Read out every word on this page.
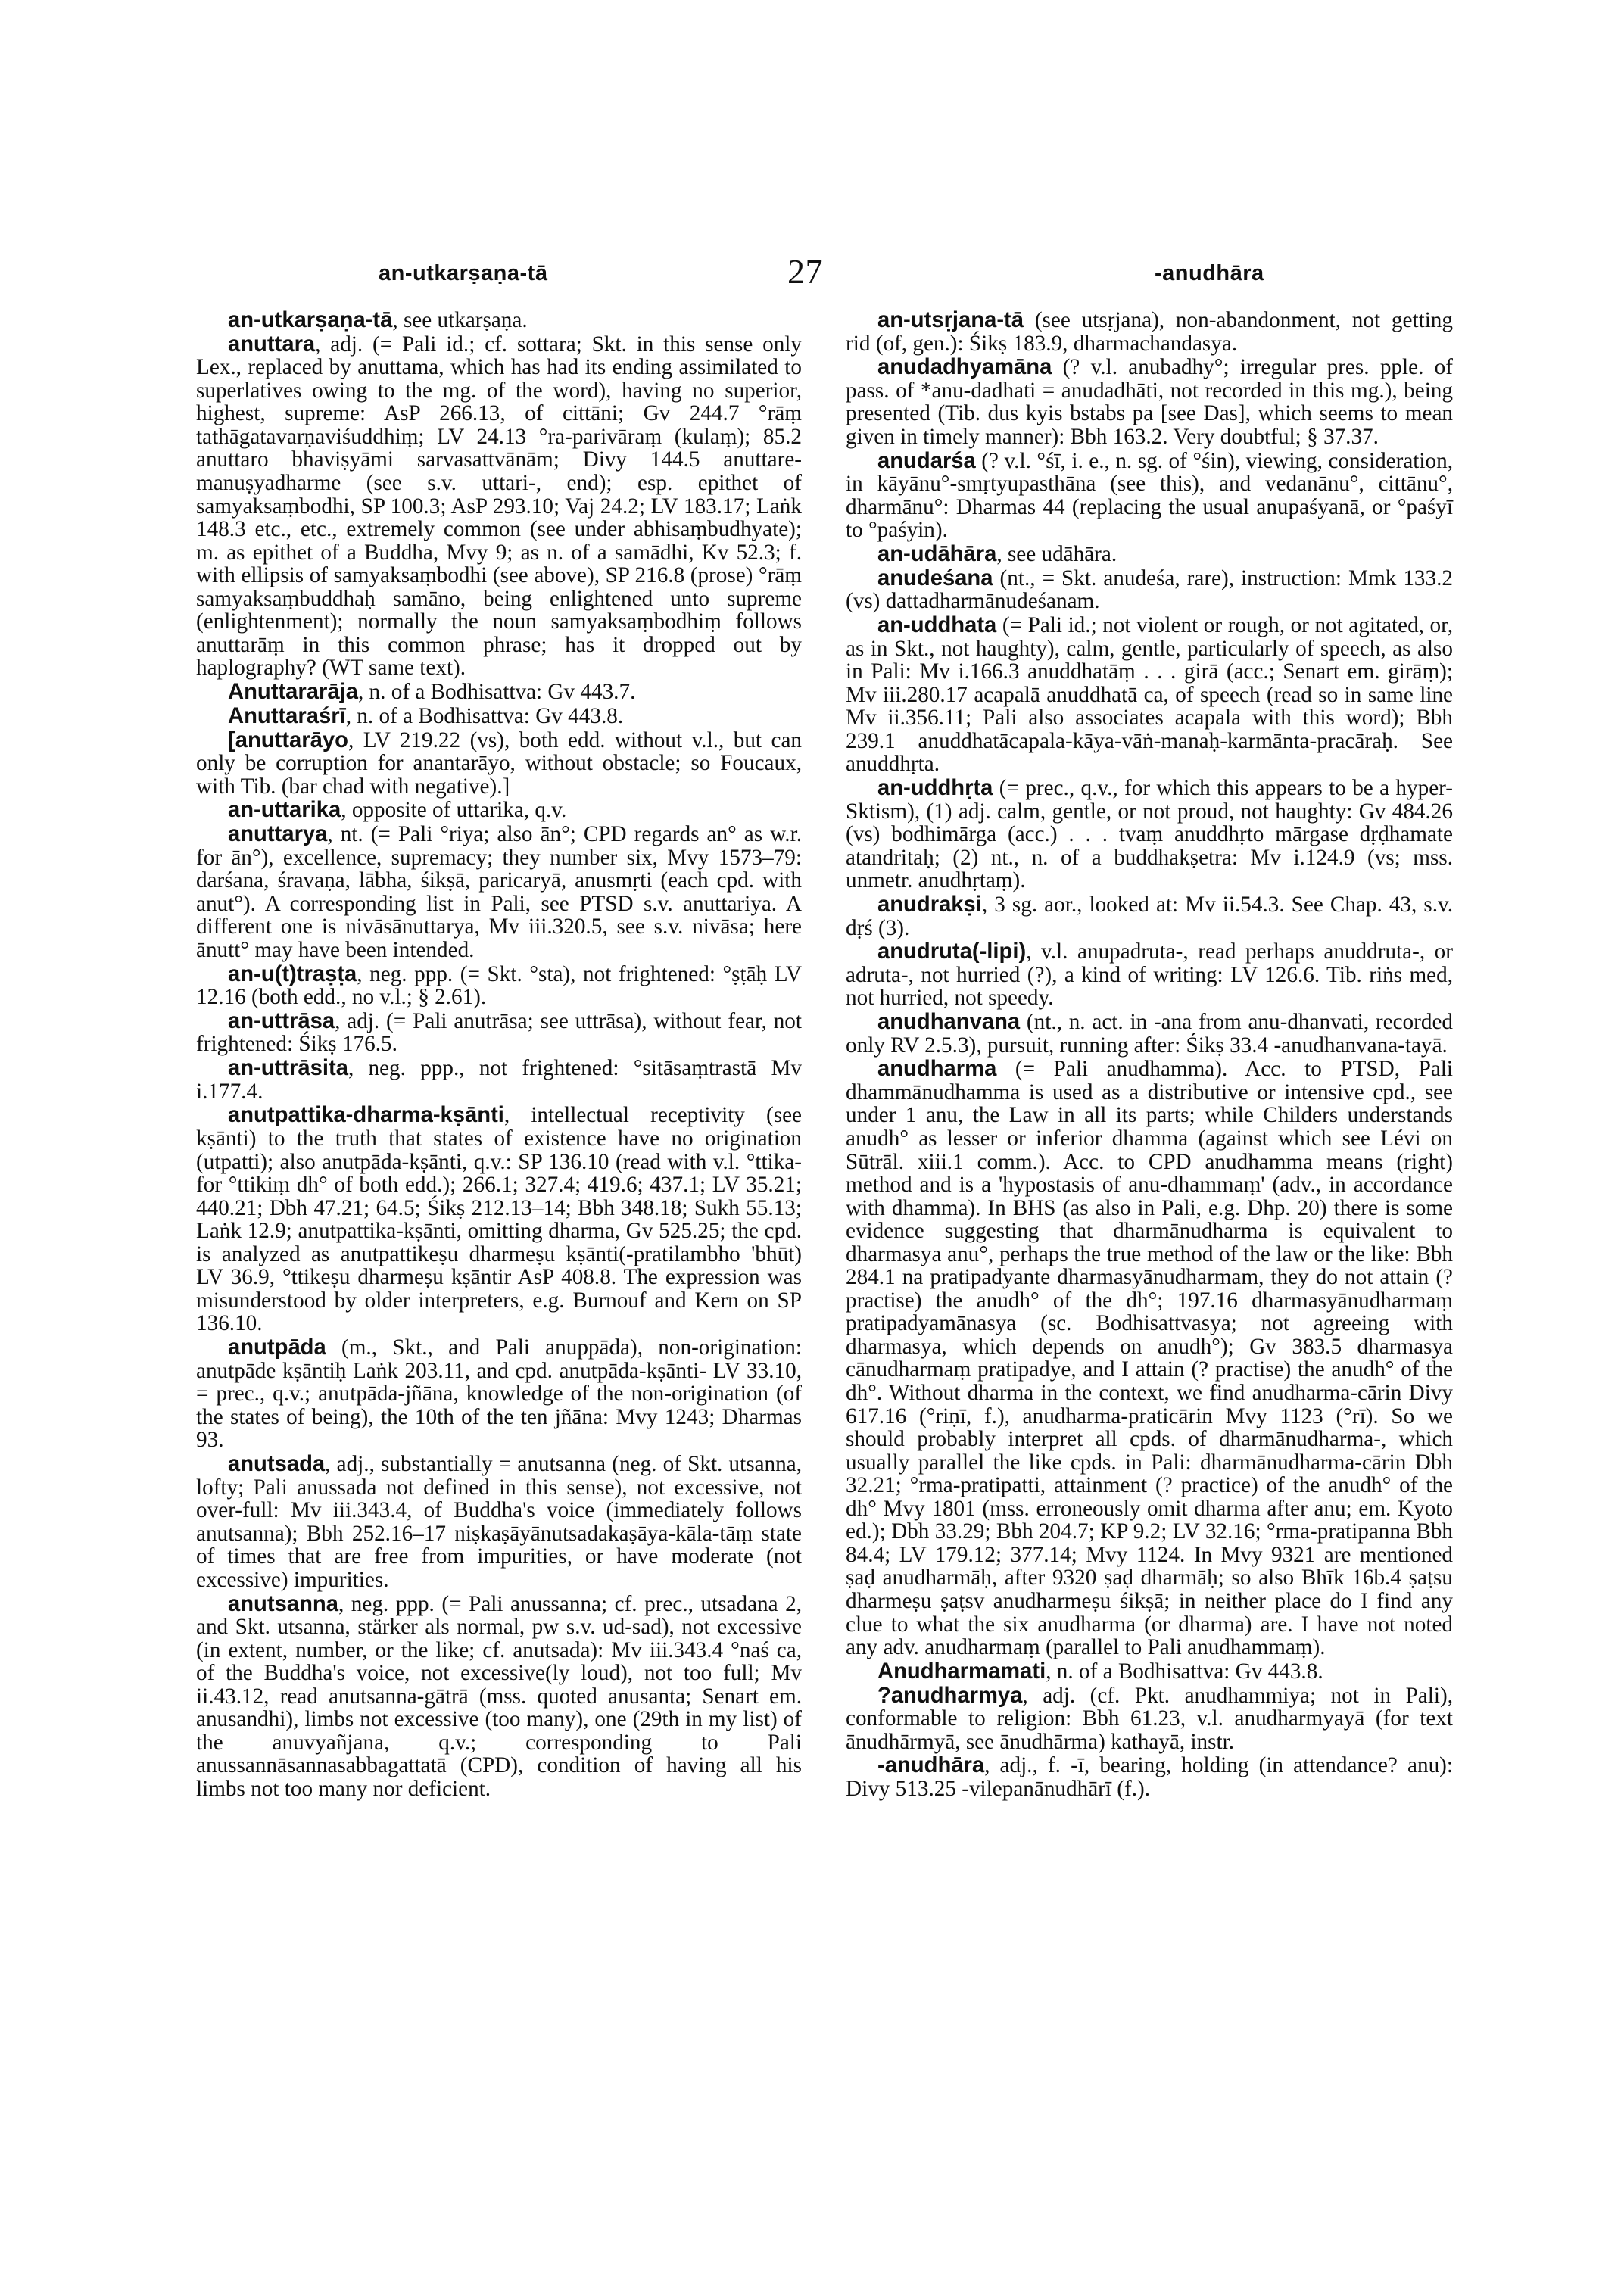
an-utkarṣaṇa-tā	27	-anudhāra

an-utkarṣaṇa-tā, see utkarṣaṇa.

anuttara, adj. (= Pali id.; cf. sottara; Skt. in this sense only Lex., replaced by anuttama, which has had its ending assimilated to superlatives owing to the mg. of the word), having no superior, highest, supreme: AsP 266.13, of cittāni; Gv 244.7 °rāṃ tathāgatavarṇaviśuddhiṃ; LV 24.13 °ra-parivāraṃ (kulaṃ); 85.2 anuttaro bhaviṣyāmi sarvasattvānām; Divy 144.5 anuttare-manuṣyadharme (see s.v. uttari-, end); esp. epithet of samyaksaṃbodhi, SP 100.3; AsP 293.10; Vaj 24.2; LV 183.17; Laṅk 148.3 etc., etc., extremely common (see under abhisaṃbudhyate); m. as epithet of a Buddha, Mvy 9; as n. of a samādhi, Kv 52.3; f. with ellipsis of samyaksaṃbodhi (see above), SP 216.8 (prose) °rāṃ samyaksaṃbuddhaḥ samāno, being enlightened unto supreme (enlightenment); normally the noun samyaksaṃbodhiṃ follows anuttarāṃ in this common phrase; has it dropped out by haplography? (WT same text).

Anuttararāja, n. of a Bodhisattva: Gv 443.7.

Anuttaraśrī, n. of a Bodhisattva: Gv 443.8.

[anuttarāyo, LV 219.22 (vs), both edd. without v.l., but can only be corruption for anantarāyo, without obstacle; so Foucaux, with Tib. (bar chad with negative).]

an-uttarika, opposite of uttarika, q.v.

anuttarya, nt. (= Pali °riya; also ān°; CPD regards an° as w.r. for ān°), excellence, supremacy; they number six, Mvy 1573–79: darśana, śravaṇa, lābha, śikṣā, paricaryā, anusmṛti (each cpd. with anut°). A corresponding list in Pali, see PTSD s.v. anuttariya. A different one is nivāsānuttarya, Mv iii.320.5, see s.v. nivāsa; here ānutt° may have been intended.

an-u(t)traṣṭa, neg. ppp. (= Skt. °sta), not frightened: °ṣṭāḥ LV 12.16 (both edd., no v.l.; § 2.61).

an-uttrāsa, adj. (= Pali anutrāsa; see uttrāsa), without fear, not frightened: Śikṣ 176.5.

an-uttrāsita, neg. ppp., not frightened: °sitāsaṃtrastā Mv i.177.4.

anutpattika-dharma-kṣānti, intellectual receptivity (see kṣānti) to the truth that states of existence have no origination (utpatti); also anutpāda-kṣānti, q.v.: SP 136.10 (read with v.l. °ttika- for °ttikiṃ dh° of both edd.); 266.1; 327.4; 419.6; 437.1; LV 35.21; 440.21; Dbh 47.21; 64.5; Śikṣ 212.13–14; Bbh 348.18; Sukh 55.13; Laṅk 12.9; anutpattika-kṣānti, omitting dharma, Gv 525.25; the cpd. is analyzed as anutpattikeṣu dharmeṣu kṣānti(-pratilambho 'bhūt) LV 36.9, °ttikeṣu dharmeṣu kṣāntir AsP 408.8. The expression was misunderstood by older interpreters, e.g. Burnouf and Kern on SP 136.10.

anutpāda (m., Skt., and Pali anuppāda), non-origination: anutpāde kṣāntiḥ Laṅk 203.11, and cpd. anutpāda-kṣānti- LV 33.10, = prec., q.v.; anutpāda-jñāna, knowledge of the non-origination (of the states of being), the 10th of the ten jñāna: Mvy 1243; Dharmas 93.

anutsada, adj., substantially = anutsanna (neg. of Skt. utsanna, lofty; Pali anussada not defined in this sense), not excessive, not over-full: Mv iii.343.4, of Buddha's voice (immediately follows anutsanna); Bbh 252.16–17 niṣkaṣāyānutsadakaṣāya-kāla-tāṃ state of times that are free from impurities, or have moderate (not excessive) impurities.

anutsanna, neg. ppp. (= Pali anussanna; cf. prec., utsadana 2, and Skt. utsanna, stärker als normal, pw s.v. ud-sad), not excessive (in extent, number, or the like; cf. anutsada): Mv iii.343.4 °naś ca, of the Buddha's voice, not excessive(ly loud), not too full; Mv ii.43.12, read anutsanna-gātrā (mss. quoted anusanta; Senart em. anusandhi), limbs not excessive (too many), one (29th in my list) of the anuvyañjana, q.v.; corresponding to Pali anussannāsannasabbagattatā (CPD), condition of having all his limbs not too many nor deficient.

an-utsṛjana-tā (see utsṛjana), non-abandonment, not getting rid (of, gen.): Śikṣ 183.9, dharmachandasya.

anudadhyamāna (? v.l. anubadhy°; irregular pres. pple. of pass. of *anu-dadhati = anudadhāti, not recorded in this mg.), being presented (Tib. dus kyis bstabs pa [see Das], which seems to mean given in timely manner): Bbh 163.2. Very doubtful; § 37.37.

anudarśa (? v.l. °śī, i. e., n. sg. of °śin), viewing, consideration, in kāyānu°-smṛtyupasthāna (see this), and vedanānu°, cittānu°, dharmānu°: Dharmas 44 (replacing the usual anupaśyanā, or °paśyī to °paśyin).

an-udāhāra, see udāhāra.

anudeśana (nt., = Skt. anudeśa, rare), instruction: Mmk 133.2 (vs) dattadharmānudeśanam.

an-uddhata (= Pali id.; not violent or rough, or not agitated, or, as in Skt., not haughty), calm, gentle, particularly of speech, as also in Pali: Mv i.166.3 anuddhatāṃ . . . girā (acc.; Senart em. girāṃ); Mv iii.280.17 acapalā anuddhatā ca, of speech (read so in same line Mv ii.356.11; Pali also associates acapala with this word); Bbh 239.1 anuddhatācapala-kāya-vāṅ-manaḥ-karmānta-pracāraḥ. See anuddhṛta.

an-uddhṛta (= prec., q.v., for which this appears to be a hyper-Sktism), (1) adj. calm, gentle, or not proud, not haughty: Gv 484.26 (vs) bodhimārga (acc.) . . . tvaṃ anuddhṛto mārgase dṛḍhamate atandritaḥ; (2) nt., n. of a buddhakṣetra: Mv i.124.9 (vs; mss. unmetr. anudhṛtaṃ).

anudrakṣi, 3 sg. aor., looked at: Mv ii.54.3. See Chap. 43, s.v. dṛś (3).

anudruta(-lipi), v.l. anupadruta-, read perhaps anuddruta-, or adruta-, not hurried (?), a kind of writing: LV 126.6. Tib. riṅs med, not hurried, not speedy.

anudhanvana (nt., n. act. in -ana from anu-dhanvati, recorded only RV 2.5.3), pursuit, running after: Śikṣ 33.4 -anudhanvana-tayā.

anudharma (= Pali anudhamma). Acc. to PTSD, Pali dhammānudhamma is used as a distributive or intensive cpd., see under 1 anu, the Law in all its parts; while Childers understands anudh° as lesser or inferior dhamma (against which see Lévi on Sūtrāl. xiii.1 comm.). Acc. to CPD anudhamma means (right) method and is a 'hypostasis of anu-dhammaṃ' (adv., in accordance with dhamma). In BHS (as also in Pali, e.g. Dhp. 20) there is some evidence suggesting that dharmānudharma is equivalent to dharmasya anu°, perhaps the true method of the law or the like: Bbh 284.1 na pratipadyante dharmasyānudharmam, they do not attain (? practise) the anudh° of the dh°; 197.16 dharmasyānudharmaṃ pratipadyamānasya (sc. Bodhisattvasya; not agreeing with dharmasya, which depends on anudh°); Gv 383.5 dharmasya cānudharmaṃ pratipadye, and I attain (? practise) the anudh° of the dh°. Without dharma in the context, we find anudharma-cārin Divy 617.16 (°riṇī, f.), anudharma-praticārin Mvy 1123 (°rī). So we should probably interpret all cpds. of dharmānudharma-, which usually parallel the like cpds. in Pali: dharmānudharma-cārin Dbh 32.21; °rma-pratipatti, attainment (? practice) of the anudh° of the dh° Mvy 1801 (mss. erroneously omit dharma after anu; em. Kyoto ed.); Dbh 33.29; Bbh 204.7; KP 9.2; LV 32.16; °rma-pratipanna Bbh 84.4; LV 179.12; 377.14; Mvy 1124. In Mvy 9321 are mentioned ṣaḍ anudharmāḥ, after 9320 ṣaḍ dharmāḥ; so also Bhīk 16b.4 ṣaṭsu dharmeṣu ṣaṭsv anudharmeṣu śikṣā; in neither place do I find any clue to what the six anudharma (or dharma) are. I have not noted any adv. anudharmaṃ (parallel to Pali anudhammaṃ).

Anudharmamati, n. of a Bodhisattva: Gv 443.8.

?anudharmya, adj. (cf. Pkt. anudhammiya; not in Pali), conformable to religion: Bbh 61.23, v.l. anudharmyayā (for text ānudhārmyā, see ānudhārma) kathayā, instr.

-anudhāra, adj., f. -ī, bearing, holding (in attendance? anu): Divy 513.25 -vilepanānudhārī (f.).
